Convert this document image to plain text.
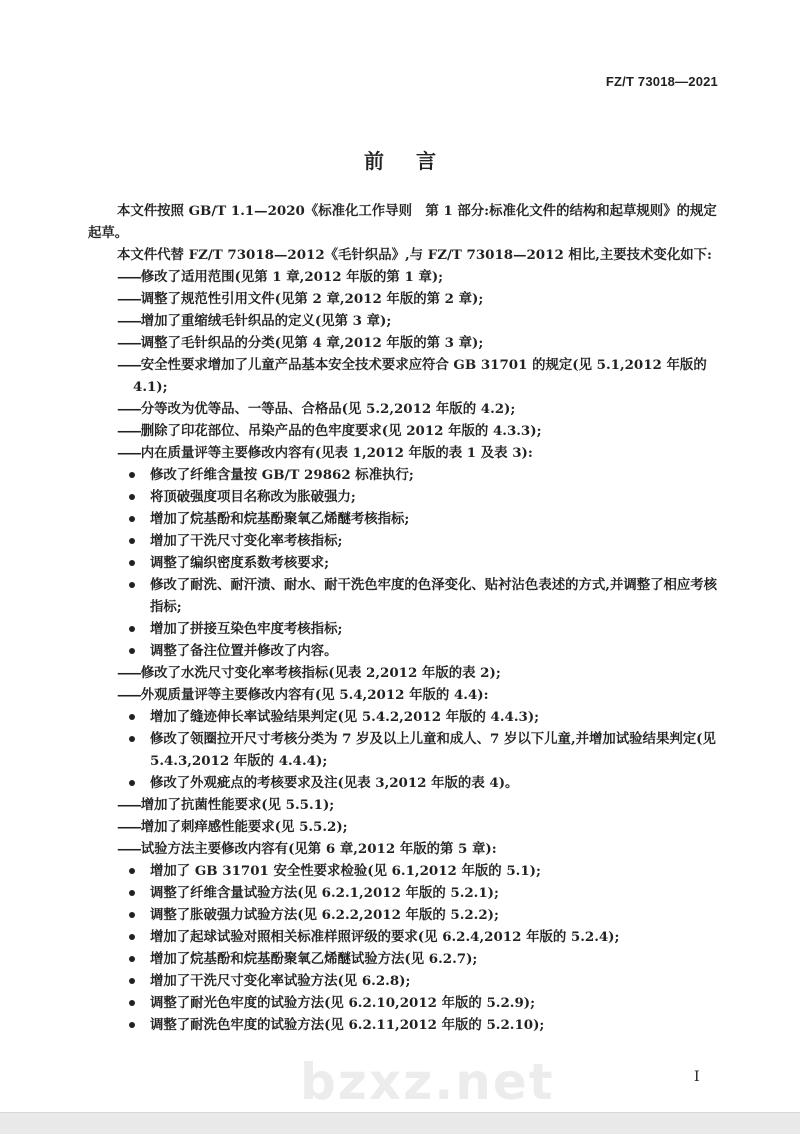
FZ/T 73018—2021
前 言
本文件按照 GB/T 1.1—2020《标准化工作导则　第 1 部分:标准化文件的结构和起草规则》的规定起草。
本文件代替 FZ/T 73018—2012《毛针织品》,与 FZ/T 73018—2012 相比,主要技术变化如下:
—— 修改了适用范围(见第 1 章,2012 年版的第 1 章);
—— 调整了规范性引用文件(见第 2 章,2012 年版的第 2 章);
—— 增加了重缩绒毛针织品的定义(见第 3 章);
—— 调整了毛针织品的分类(见第 4 章,2012 年版的第 3 章);
—— 安全性要求增加了儿童产品基本安全技术要求应符合 GB 31701 的规定(见 5.1,2012 年版的 4.1);
—— 分等改为优等品、一等品、合格品(见 5.2,2012 年版的 4.2);
—— 删除了印花部位、吊染产品的色牢度要求(见 2012 年版的 4.3.3);
—— 内在质量评等主要修改内容有(见表 1,2012 年版的表 1 及表 3):
修改了纤维含量按 GB/T 29862 标准执行;
将顶破强度项目名称改为胀破强力;
增加了烷基酚和烷基酚聚氧乙烯醚考核指标;
增加了干洗尺寸变化率考核指标;
调整了编织密度系数考核要求;
修改了耐洗、耐汗渍、耐水、耐干洗色牢度的色泽变化、贴衬沾色表述的方式,并调整了相应考核指标;
增加了拼接互染色牢度考核指标;
调整了备注位置并修改了内容。
—— 修改了水洗尺寸变化率考核指标(见表 2,2012 年版的表 2);
—— 外观质量评等主要修改内容有(见 5.4,2012 年版的 4.4):
增加了缝迹伸长率试验结果判定(见 5.4.2,2012 年版的 4.4.3);
修改了领圈拉开尺寸考核分类为 7 岁及以上儿童和成人、7 岁以下儿童,并增加试验结果判定(见 5.4.3,2012 年版的 4.4.4);
修改了外观疵点的考核要求及注(见表 3,2012 年版的表 4)。
—— 增加了抗菌性能要求(见 5.5.1);
—— 增加了刺痒感性能要求(见 5.5.2);
—— 试验方法主要修改内容有(见第 6 章,2012 年版的第 5 章):
增加了 GB 31701 安全性要求检验(见 6.1,2012 年版的 5.1);
调整了纤维含量试验方法(见 6.2.1,2012 年版的 5.2.1);
调整了胀破强力试验方法(见 6.2.2,2012 年版的 5.2.2);
增加了起球试验对照相关标准样照评级的要求(见 6.2.4,2012 年版的 5.2.4);
增加了烷基酚和烷基酚聚氧乙烯醚试验方法(见 6.2.7);
增加了干洗尺寸变化率试验方法(见 6.2.8);
调整了耐光色牢度的试验方法(见 6.2.10,2012 年版的 5.2.9);
调整了耐洗色牢度的试验方法(见 6.2.11,2012 年版的 5.2.10);
bzxz.net	I
